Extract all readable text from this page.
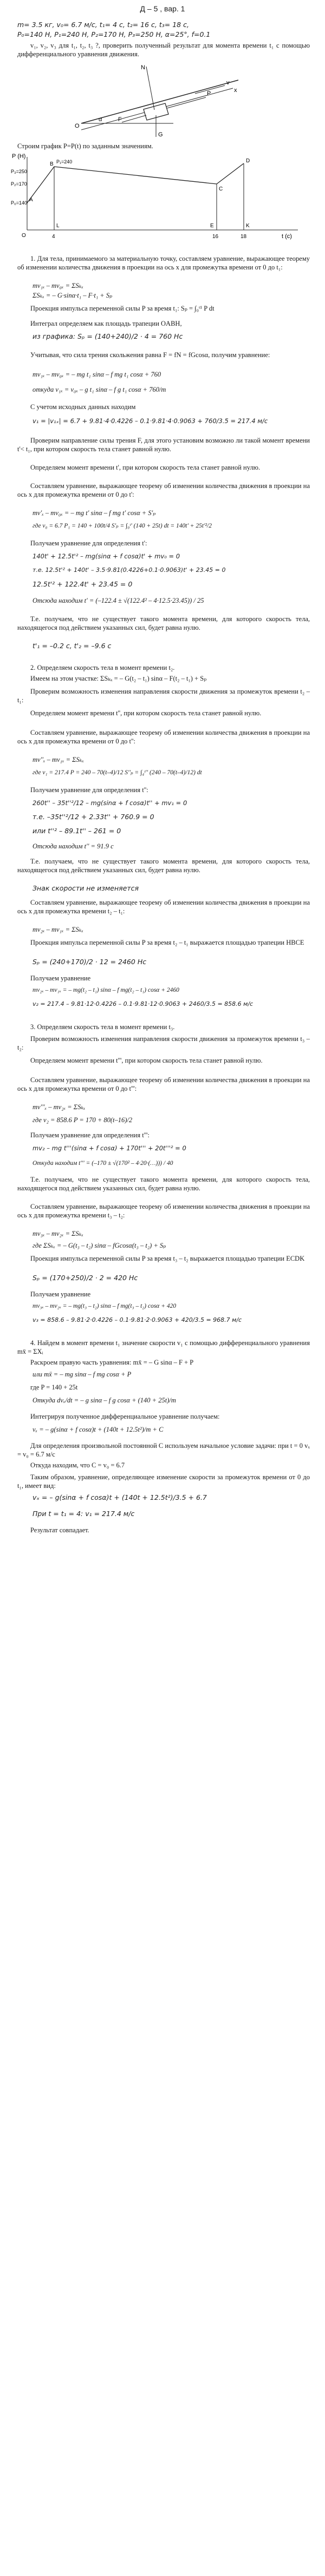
Д – 5 , вар. 1
m= 3.5 кг, v₀= 6.7 м/с, t₁= 4 с, t₂= 16 с, t₃= 18 с,
P₀=140 Н, P₁=240 Н, P₂=170 Н, P₃=250 Н, α=25°, f=0.1
v₁, v₂, v₃ для t₁, t₂, t₃ ?, проверить полученный результат для момента времени t₁ с помощью дифференциального уравнения движения.
N
v
P
O
x
α	F
G
Строим график P=P(t) по заданным значениям.
P (H)
t (c)
P₀=140
P₁=240
P₂=170
P₃=250
A
B
C
D
E	K
L
O	4	16	18
1. Для тела, принимаемого за материальную точку, составляем уравнение, выражающее теорему об изменении количества движения в проекции на ось x для промежутка времени от 0 до t₁:
mv₁ₓ – mv₀ₓ = ΣSₖₓ
ΣSₖₓ = – G·sinα·t₁ – F·t₁ + Sₚ
Проекция импульса переменной силы P за время t₁: Sₚ = ∫₀ᵗ¹ P dt
Интеграл определяем как площадь трапеции OABH,
из графика: Sₚ = (140+240)/2 · 4 = 760 Нс
Учитывая, что сила трения скольжения равна F = fN = fGcosα, получим уравнение:
mv₁ₓ – mv₀ₓ = – mg t₁ sinα – f mg t₁ cosα + 760
откуда v₁ₓ = v₀ₓ – g t₁ sinα – f g t₁ cosα + 760/m
С учетом исходных данных находим
v₁ = |v₁ₓ| = 6.7 + 9.81·4·0.4226 – 0.1·9.81·4·0.9063 + 760/3.5 = 217.4 м/с
Проверим направление силы трения F, для этого установим возможно ли такой момент времени t'< t₁, при котором скорость тела станет равной нулю.
Определяем момент времени t', при котором скорость тела станет равной нулю.
Составляем уравнение, выражающее теорему об изменении количества движения в проекции на ось x для промежутка времени от 0 до t':
mv'ₓ – mv₀ₓ = – mg t' sinα – f mg t' cosα + S'ₚ
где v₀ = 6.7 P₁ = 140 + 100t/4 S'ₚ = ∫₀ᵗ' (140 + 25t) dt = 140t' + 25t'²/2
Получаем уравнение для определения t':
140t' + 12.5t'² – mg(sinα + f cosα)t' + mv₀ = 0
т.е. 12.5t'² + 140t' – 3.5·9.81(0.4226+0.1·0.9063)t' + 23.45 = 0
12.5t'² + 122.4t' + 23.45 = 0
Отсюда находим t' = (–122.4 ± √(122.4² – 4·12.5·23.45)) / 25
Т.е. получаем, что не существует такого момента времени, для которого скорость тела, находящегося под действием указанных сил, будет равна нулю.
t'₁ = –0.2 с, t'₂ = –9.6 с
2. Определяем скорость тела в момент времени t₂.
Имеем на этом участке: ΣSₖₓ = – G(t₂ – t₁) sinα – F(t₂ – t₁) + Sₚ
Проверим возможность изменения направления скорости движения за промежуток времени t₂ – t₁:
Определяем момент времени t'', при котором скорость тела станет равной нулю.
Составляем уравнение, выражающее теорему об изменении количества движения в проекции на ось x для промежутка времени от 0 до t'':
mv''ₓ – mv₁ₓ = ΣSₖₓ
где v₁ = 217.4 P = 240 – 70(t–4)/12 S''ₚ = ∫₄ᵗ'' (240 – 70(t–4)/12) dt
Получаем уравнение для определения t'':
260t'' – 35t''²/12 – mg(sinα + f cosα)t'' + mv₁ = 0
т.е. –35t''²/12 + 2.33t'' + 760.9 = 0
или t''² – 89.1t'' – 261 = 0
Отсюда находим t'' = 91.9 с
Т.е. получаем, что не существует такого момента времени, для которого скорость тела, находящегося под действием указанных сил, будет равна нулю.
Знак скорости не изменяется
Составляем уравнение, выражающее теорему об изменении количества движения в проекции на ось x для промежутка времени t₂ – t₁:
mv₂ₓ – mv₁ₓ = ΣSₖₓ
Проекция импульса переменной силы P за время t₂ – t₁ выражается площадью трапеции HBCE
Sₚ = (240+170)/2 · 12 = 2460 Нс
Получаем уравнение
mv₂ₓ – mv₁ₓ = – mg(t₂ – t₁) sinα – f mg(t₂ – t₁) cosα + 2460
v₂ = 217.4 – 9.81·12·0.4226 – 0.1·9.81·12·0.9063 + 2460/3.5 = 858.6 м/с
3. Определяем скорость тела в момент времени t₃.
Проверим возможность изменения направления скорости движения за промежуток времени t₃ – t₂:
Определяем момент времени t''', при котором скорость тела станет равной нулю.
Составляем уравнение, выражающее теорему об изменении количества движения в проекции на ось x для промежутка времени от 0 до t''':
mv'''ₓ – mv₂ₓ = ΣSₖₓ
где v₂ = 858.6 P = 170 + 80(t–16)/2
Получаем уравнение для определения t''':
mv₂ – mg t'''(sinα + f cosα) + 170t''' + 20t'''² = 0
Откуда находим t''' = (–170 ± √(170² – 4·20·(…))) / 40
Т.е. получаем, что не существует такого момента времени, для которого скорость тела, находящегося под действием указанных сил, будет равна нулю.
Составляем уравнение, выражающее теорему об изменении количества движения в проекции на ось x для промежутка времени t₃ – t₂:
mv₃ₓ – mv₂ₓ = ΣSₖₓ
где ΣSₖₓ = – G(t₃ – t₂) sinα – fGcosα(t₃ – t₂) + Sₚ
Проекция импульса переменной силы P за время t₃ – t₂ выражается площадью трапеции ECDK
Sₚ = (170+250)/2 · 2 = 420 Нс
Получаем уравнение
mv₃ₓ – mv₂ₓ = – mg(t₃ – t₂) sinα – f mg(t₃ – t₂) cosα + 420
v₃ = 858.6 – 9.81·2·0.4226 – 0.1·9.81·2·0.9063 + 420/3.5 = 968.7 м/с
4. Найдем в момент времени t₁ значение скорости v₁ с помощью дифференциального уравнения mẍ = ΣXᵢ
Раскроем правую часть уравнения: mẍ = – G sinα – F + P
или mẍ = – mg sinα – f mg cosα + P
где P = 140 + 25t
Откуда dvₓ/dt = – g sinα – f g cosα + (140 + 25t)/m
Интегрируя полученное дифференциальное уравнение получаем:
vₓ = – g(sinα + f cosα)t + (140t + 12.5t²)/m + C
Для определения произвольной постоянной C используем начальное условие задачи: при t = 0 vₓ = v₀ = 6.7 м/с
Откуда находим, что C = v₀ = 6.7
Таким образом, уравнение, определяющее изменение скорости за промежуток времени от 0 до t₁, имеет вид:
vₓ = – g(sinα + f cosα)t + (140t + 12.5t²)/3.5 + 6.7
При t = t₁ = 4: v₁ = 217.4 м/с
Результат совпадает.
